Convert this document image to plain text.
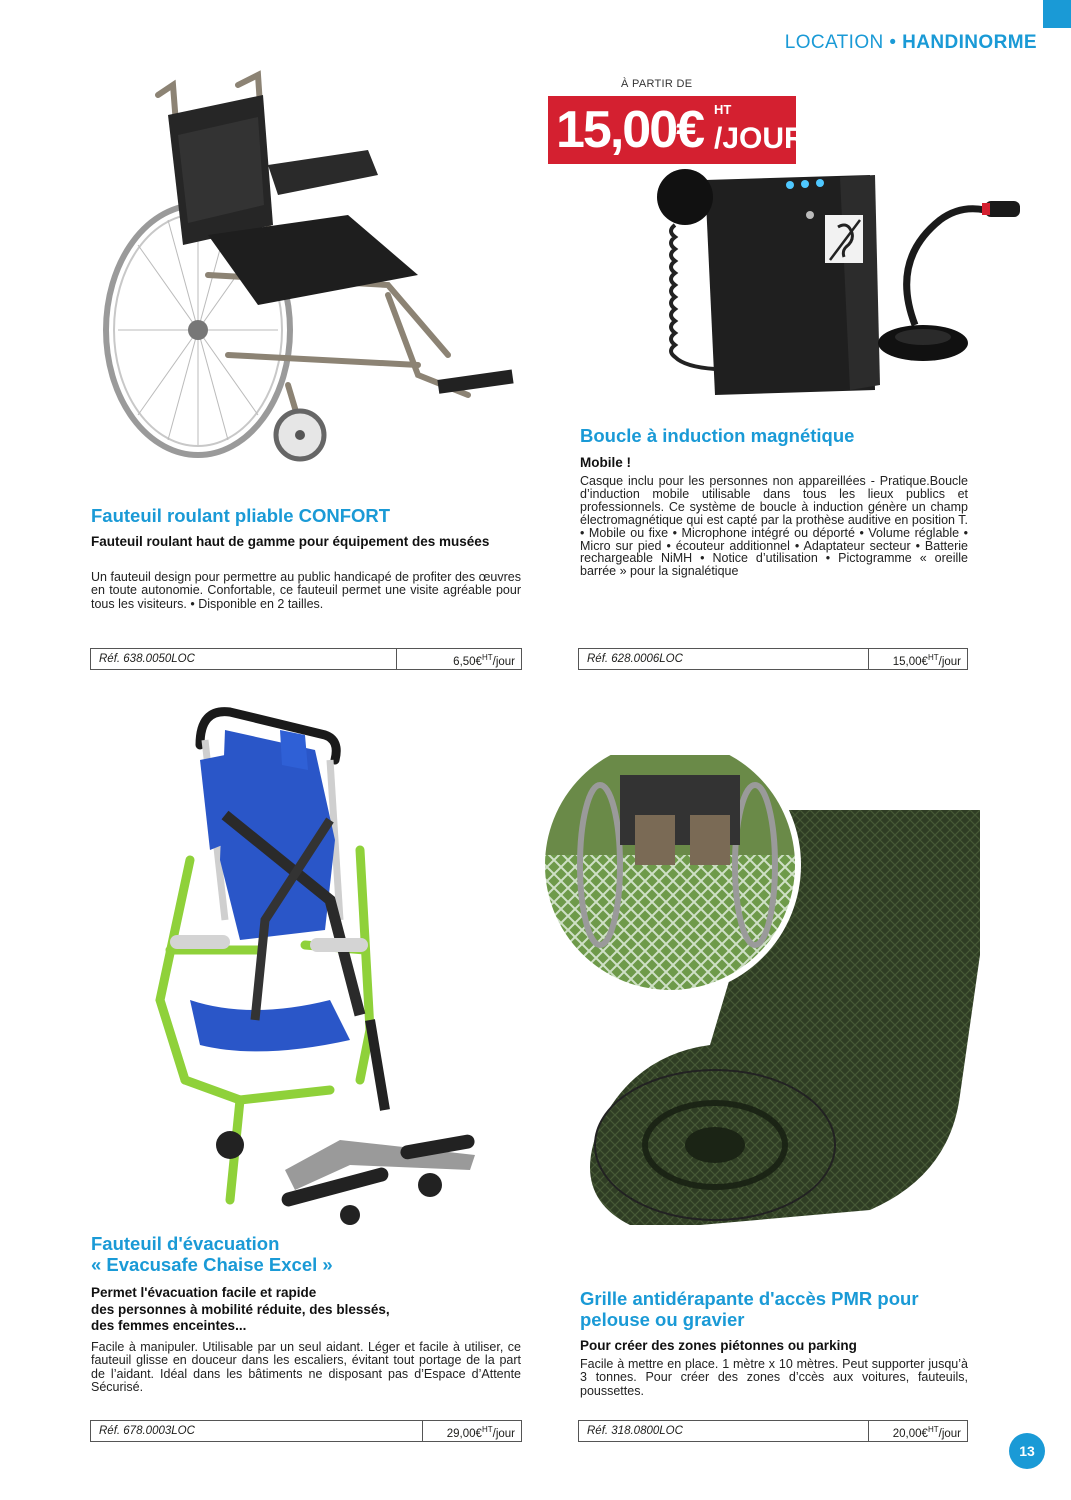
LOCATION • HANDINORME
À PARTIR DE
15,00€ HT
/JOUR
Fauteuil roulant pliable CONFORT
Fauteuil roulant haut de gamme pour équipement des musées
Un fauteuil design pour permettre au public handicapé de profiter des œuvres en toute autonomie. Confortable, ce fauteuil permet une visite agréable pour tous les visiteurs. • Disponible en 2 tailles.
Réf. 638.0050LOC	6,50€$^{HT}$/jour
Boucle à induction magnétique
Mobile !
Casque inclu pour les personnes non appareillées - Pratique.Boucle d’induction mobile utilisable dans tous les lieux publics et professionnels. Ce système de boucle à induction génère un champ électromagnétique qui est capté par la prothèse auditive en position T. • Mobile ou fixe • Microphone intégré ou déporté • Volume réglable • Micro sur pied • écouteur additionnel • Adaptateur secteur • Batterie rechargeable NiMH • Notice d’utilisation • Pictogramme « oreille barrée » pour la signalétique
Réf. 628.0006LOC	15,00€$^{HT}$/jour
Fauteuil d'évacuation
« Evacusafe Chaise Excel »
Permet l'évacuation facile et rapide
des personnes à mobilité réduite, des blessés,
des femmes enceintes...
Facile à manipuler. Utilisable par un seul aidant. Léger et facile à utiliser, ce fauteuil glisse en douceur dans les escaliers, évitant tout portage de la part de l’aidant. Idéal dans les bâtiments ne disposant pas d’Espace d’Attente Sécurisé.
Réf. 678.0003LOC	29,00€$^{HT}$/jour
Grille antidérapante d'accès PMR pour
pelouse ou gravier
Pour créer des zones piétonnes ou parking
Facile à mettre en place. 1 mètre x 10 mètres. Peut supporter jusqu’à 3 tonnes. Pour créer des zones d’ccès aux voitures, fauteuils, poussettes.
Réf. 318.0800LOC	20,00€$^{HT}$/jour
13
